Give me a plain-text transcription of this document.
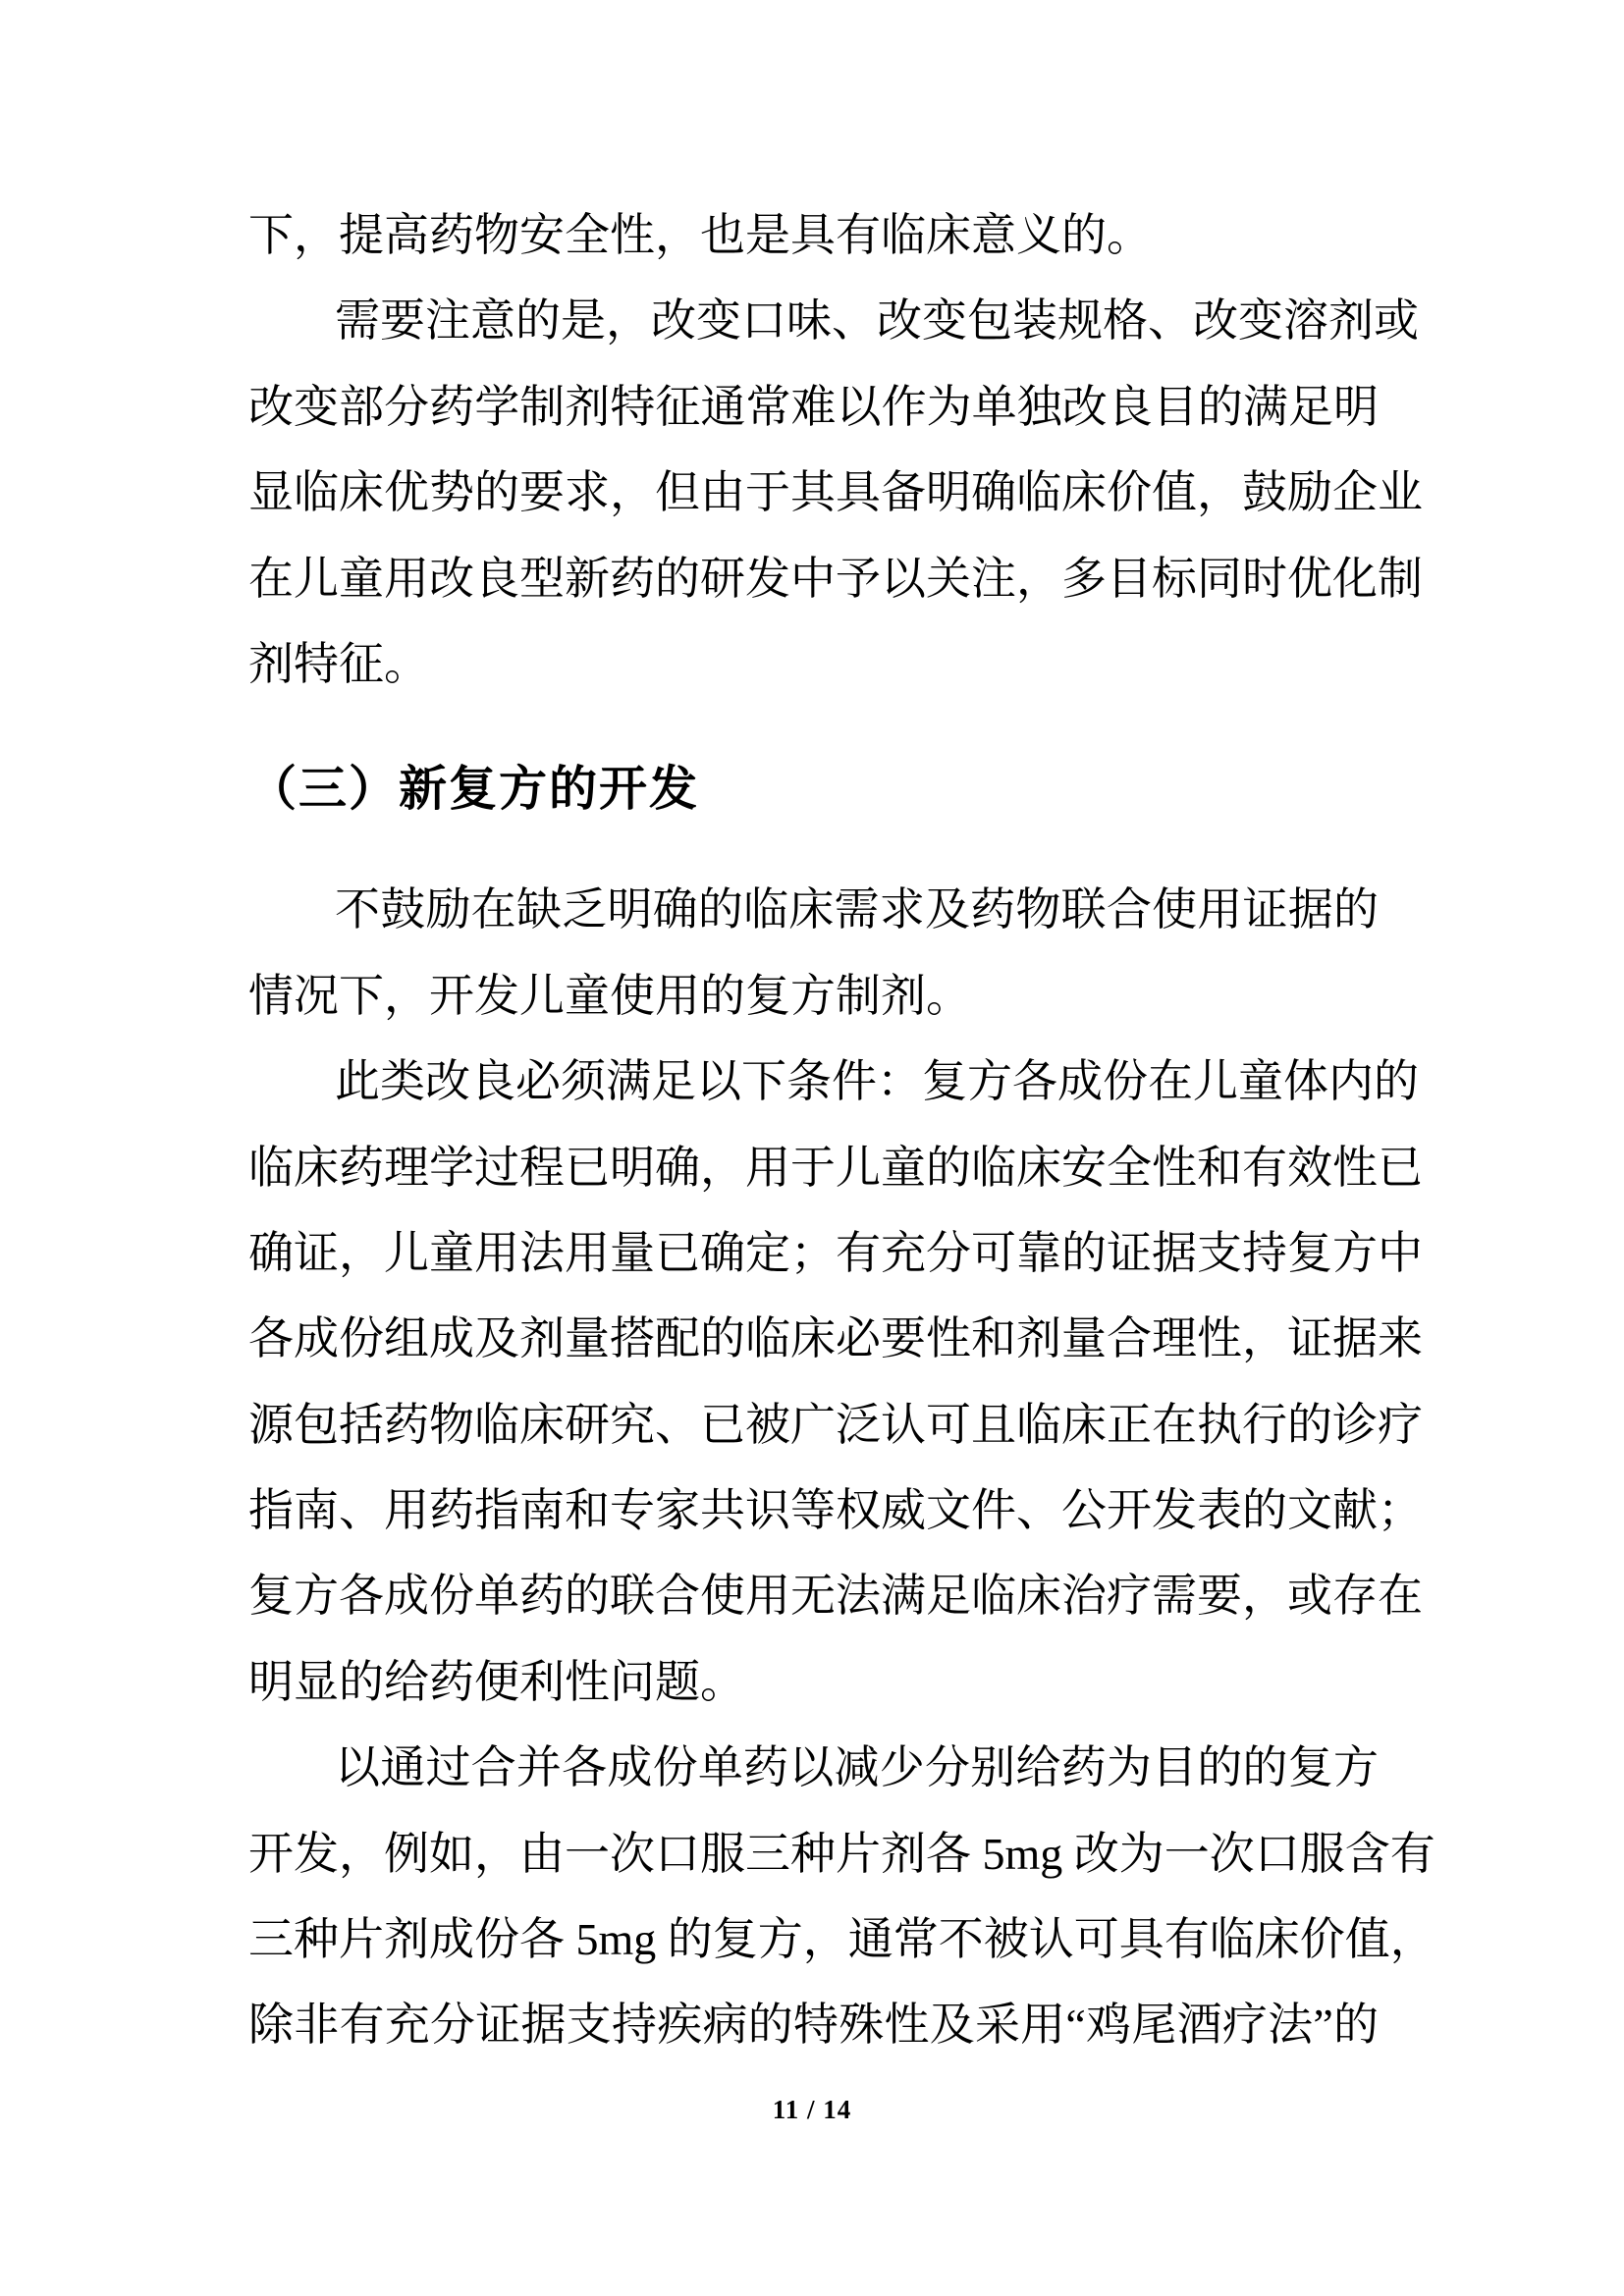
下，提高药物安全性，也是具有临床意义的。
需要注意的是，改变口味、改变包装规格、改变溶剂或
改变部分药学制剂特征通常难以作为单独改良目的满足明
显临床优势的要求，但由于其具备明确临床价值，鼓励企业
在儿童用改良型新药的研发中予以关注，多目标同时优化制
剂特征。
（三）新复方的开发
不鼓励在缺乏明确的临床需求及药物联合使用证据的
情况下，开发儿童使用的复方制剂。
此类改良必须满足以下条件：复方各成份在儿童体内的
临床药理学过程已明确，用于儿童的临床安全性和有效性已
确证，儿童用法用量已确定；有充分可靠的证据支持复方中
各成份组成及剂量搭配的临床必要性和剂量合理性，证据来
源包括药物临床研究、已被广泛认可且临床正在执行的诊疗
指南、用药指南和专家共识等权威文件、公开发表的文献；
复方各成份单药的联合使用无法满足临床治疗需要，或存在
明显的给药便利性问题。
以通过合并各成份单药以减少分别给药为目的的复方
开发，例如，由一次口服三种片剂各 5mg 改为一次口服含有
三种片剂成份各 5mg 的复方，通常不被认可具有临床价值，
除非有充分证据支持疾病的特殊性及采用“鸡尾酒疗法”的
11 / 14
